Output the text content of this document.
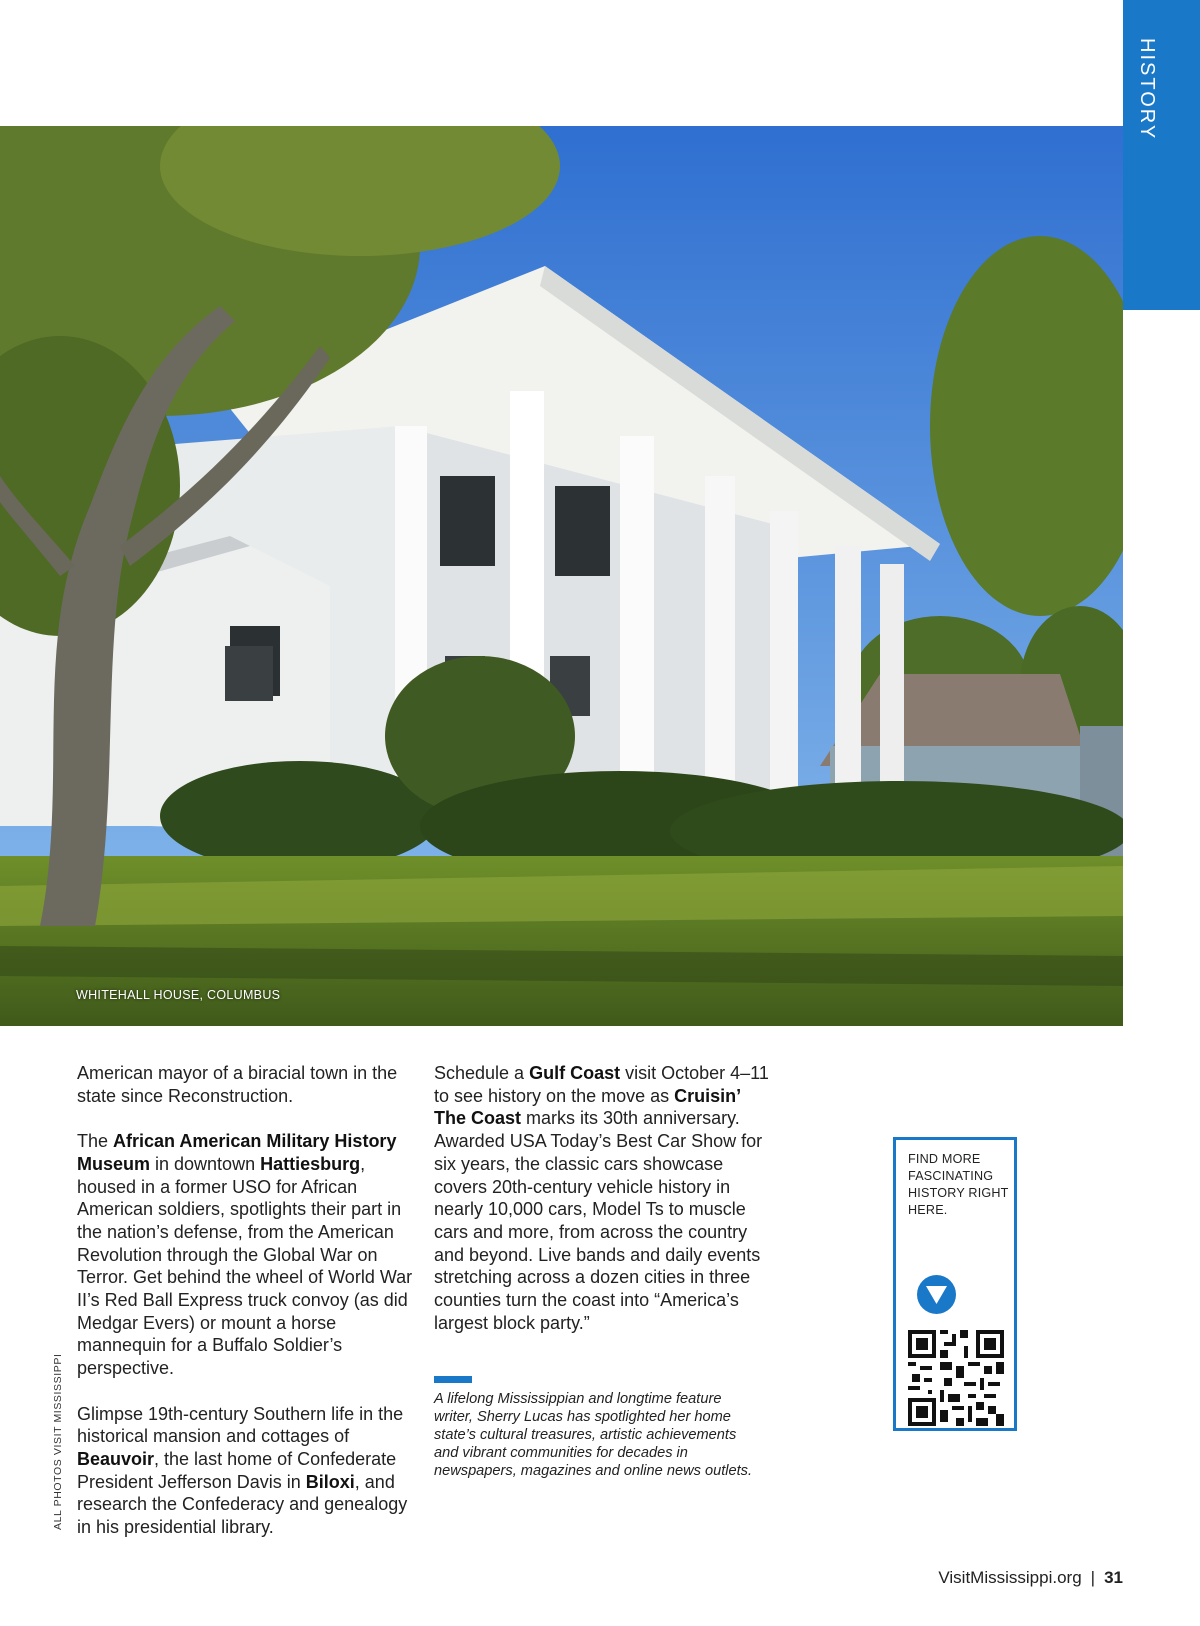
HISTORY
WHITEHALL HOUSE, COLUMBUS

American mayor of a biracial town in the state since Reconstruction.

The African American Military History Museum in downtown Hattiesburg, housed in a former USO for African American soldiers, spotlights their part in the nation’s defense, from the American Revolution through the Global War on Terror. Get behind the wheel of World War II’s Red Ball Express truck convoy (as did Medgar Evers) or mount a horse mannequin for a Buffalo Soldier’s perspective.

Glimpse 19th-century Southern life in the historical mansion and cottages of Beauvoir, the last home of Confederate President Jefferson Davis in Biloxi, and research the Confederacy and genealogy in his presidential library.

Schedule a Gulf Coast visit October 4–11 to see history on the move as Cruisin’ The Coast marks its 30th anniversary. Awarded USA Today’s Best Car Show for six years, the classic cars showcase covers 20th-century vehicle history in nearly 10,000 cars, Model Ts to muscle cars and more, from across the country and beyond. Live bands and daily events stretching across a dozen cities in three counties turn the coast into “America’s largest block party.”

A lifelong Mississippian and longtime feature writer, Sherry Lucas has spotlighted her home state’s cultural treasures, artistic achievements and vibrant communities for decades in newspapers, magazines and online news outlets.
ALL PHOTOS VISIT MISSISSIPPI
FIND MORE FASCINATING HISTORY RIGHT HERE.
VisitMississippi.org | 31
